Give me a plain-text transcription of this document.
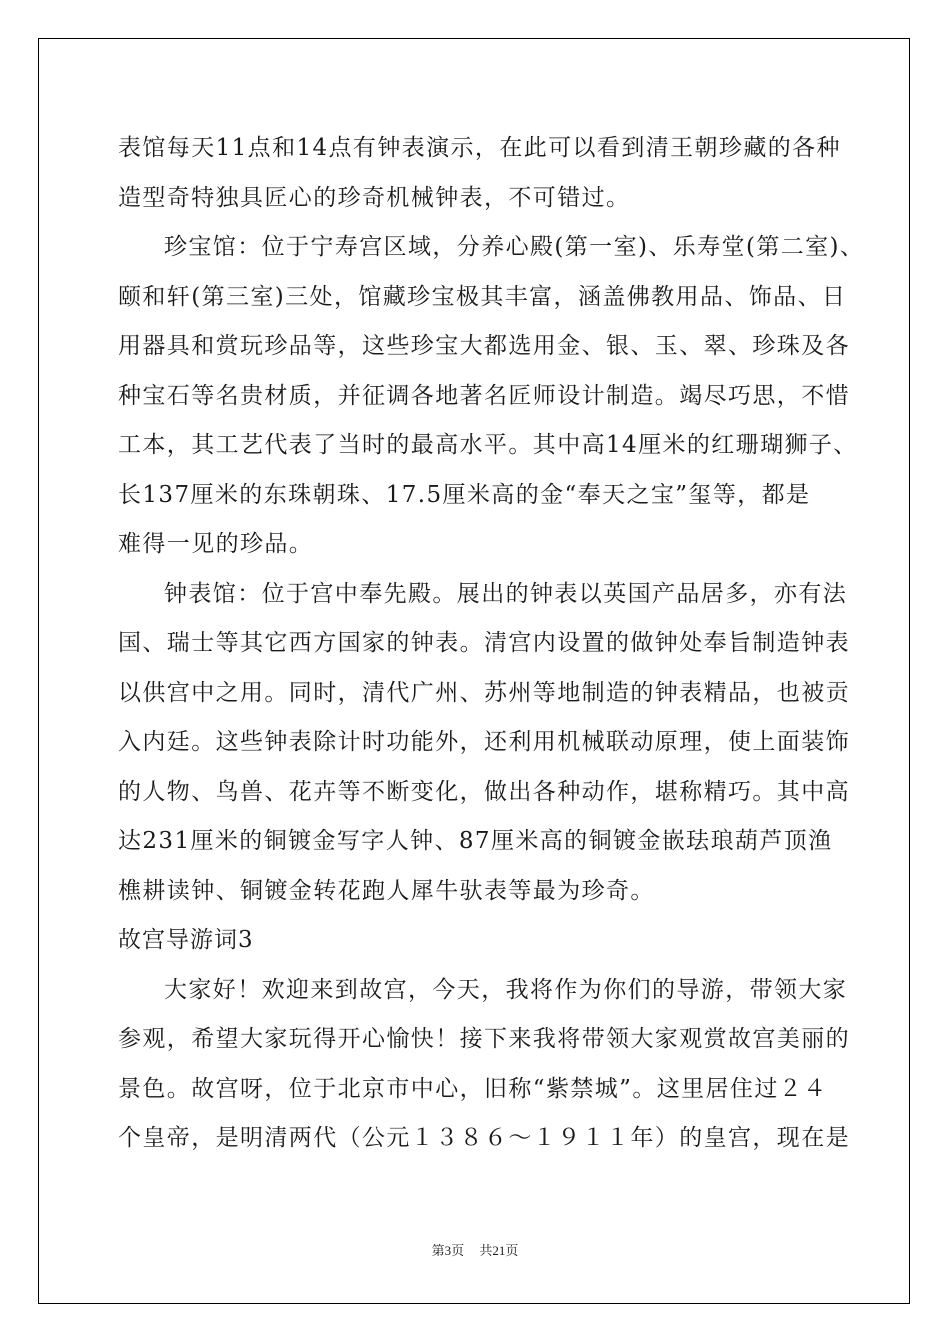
表馆每天11点和14点有钟表演示，在此可以看到清王朝珍藏的各种
造型奇特独具匠心的珍奇机械钟表，不可错过。
珍宝馆：位于宁寿宫区域，分养心殿(第一室)、乐寿堂(第二室)、
颐和轩(第三室)三处，馆藏珍宝极其丰富，涵盖佛教用品、饰品、日
用器具和赏玩珍品等，这些珍宝大都选用金、银、玉、翠、珍珠及各
种宝石等名贵材质，并征调各地著名匠师设计制造。竭尽巧思，不惜
工本，其工艺代表了当时的最高水平。其中高14厘米的红珊瑚狮子、
长137厘米的东珠朝珠、17.5厘米高的金“奉天之宝”玺等，都是
难得一见的珍品。
钟表馆：位于宫中奉先殿。展出的钟表以英国产品居多，亦有法
国、瑞士等其它西方国家的钟表。清宫内设置的做钟处奉旨制造钟表
以供宫中之用。同时，清代广州、苏州等地制造的钟表精品，也被贡
入内廷。这些钟表除计时功能外，还利用机械联动原理，使上面装饰
的人物、鸟兽、花卉等不断变化，做出各种动作，堪称精巧。其中高
达231厘米的铜镀金写字人钟、87厘米高的铜镀金嵌珐琅葫芦顶渔
樵耕读钟、铜镀金转花跑人犀牛驮表等最为珍奇。
故宫导游词3
大家好！欢迎来到故宫，今天，我将作为你们的导游，带领大家
参观，希望大家玩得开心愉快！接下来我将带领大家观赏故宫美丽的
景色。故宫呀，位于北京市中心，旧称“紫禁城”。这里居住过２４
个皇帝，是明清两代（公元１３８６～１９１１年）的皇宫，现在是
第3页 共21页
